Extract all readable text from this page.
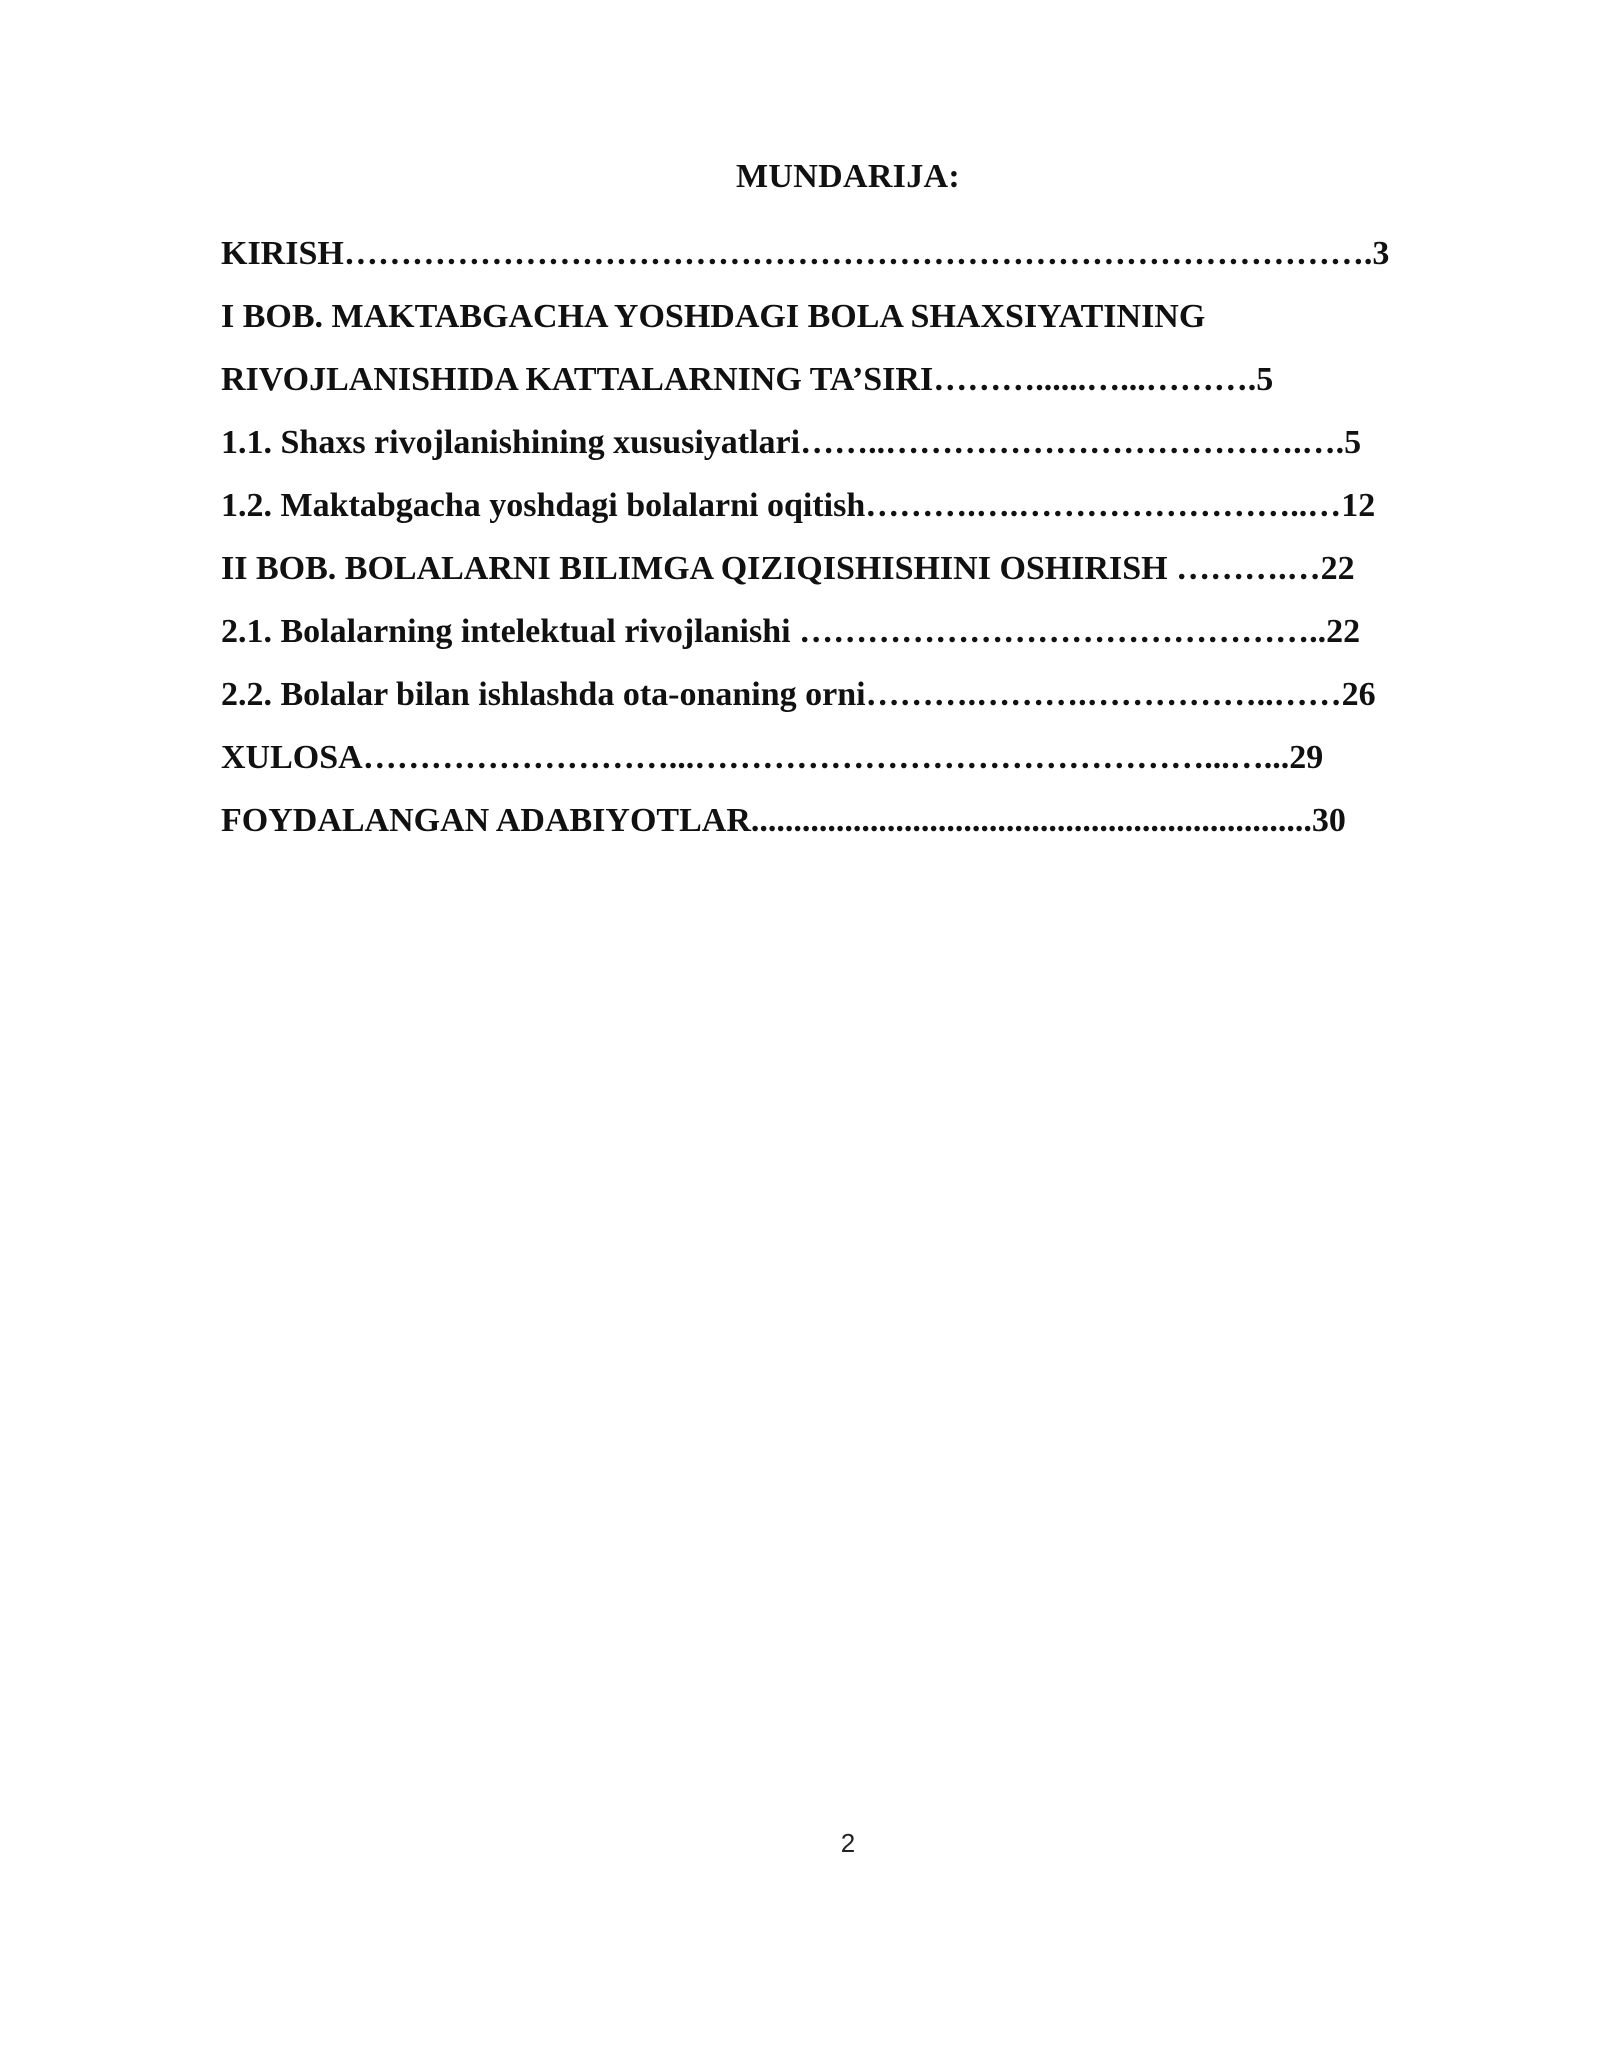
MUNDARIJA:
KIRISH……………………………………………………………………………….3
I BOB. MAKTABGACHA YOSHDAGI BOLA SHAXSIYATINING
RIVOJLANISHIDA KATTALARNING TA’SIRI………......…...……….5
1.1. Shaxs rivojlanishining xususiyatlari……..……………………………….….5
1.2. Maktabgacha yoshdagi bolalarni oqitish……….….……………………..…12
II BOB. BOLALARNI BILIMGA QIZIQISHISHINI OSHIRISH ……….…22
2.1. Bolalarning intelektual rivojlanishi ………………………………………..22
2.2. Bolalar bilan ishlashda ota-onaning orni……….……….……………..……26
XULOSA………………………...………………………………………...…...29
FOYDALANGAN ADABIYOTLAR..................................................................30
2
